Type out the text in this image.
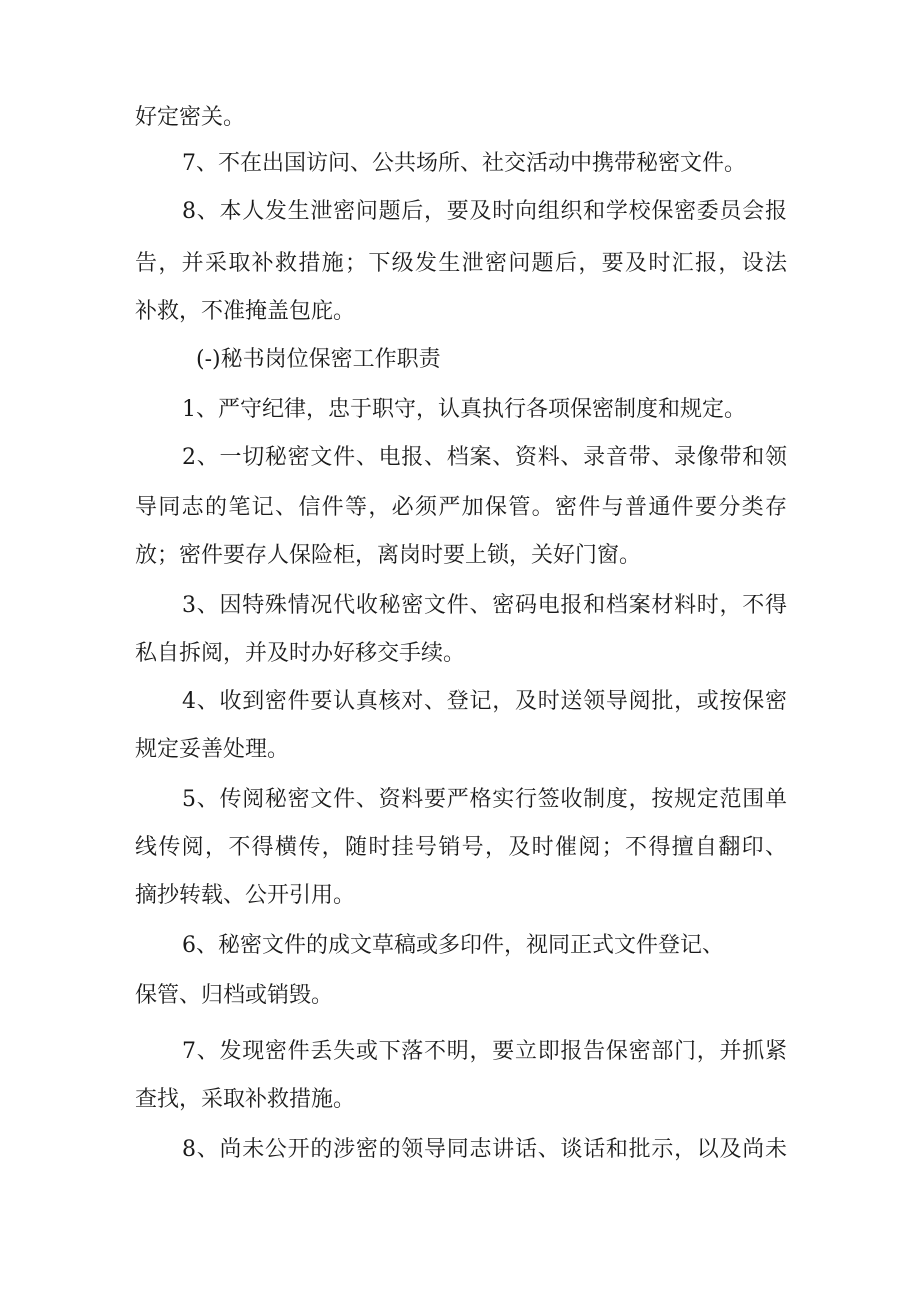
好定密关。
7、不在出国访问、公共场所、社交活动中携带秘密文件。
8、本人发生泄密问题后，要及时向组织和学校保密委员会报
告，并采取补救措施；下级发生泄密问题后，要及时汇报，设法
补救，不准掩盖包庇。
(-)秘书岗位保密工作职责
1、严守纪律，忠于职守，认真执行各项保密制度和规定。
2、一切秘密文件、电报、档案、资料、录音带、录像带和领
导同志的笔记、信件等，必须严加保管。密件与普通件要分类存
放；密件要存人保险柜，离岗时要上锁，关好门窗。
3、因特殊情况代收秘密文件、密码电报和档案材料时，不得
私自拆阅，并及时办好移交手续。
4、收到密件要认真核对、登记，及时送领导阅批，或按保密
规定妥善处理。
5、传阅秘密文件、资料要严格实行签收制度，按规定范围单
线传阅，不得横传，随时挂号销号，及时催阅；不得擅自翻印、
摘抄转载、公开引用。
6、秘密文件的成文草稿或多印件，视同正式文件登记、
保管、归档或销毁。
7、发现密件丢失或下落不明，要立即报告保密部门，并抓紧
查找，采取补救措施。
8、尚未公开的涉密的领导同志讲话、谈话和批示，以及尚未
